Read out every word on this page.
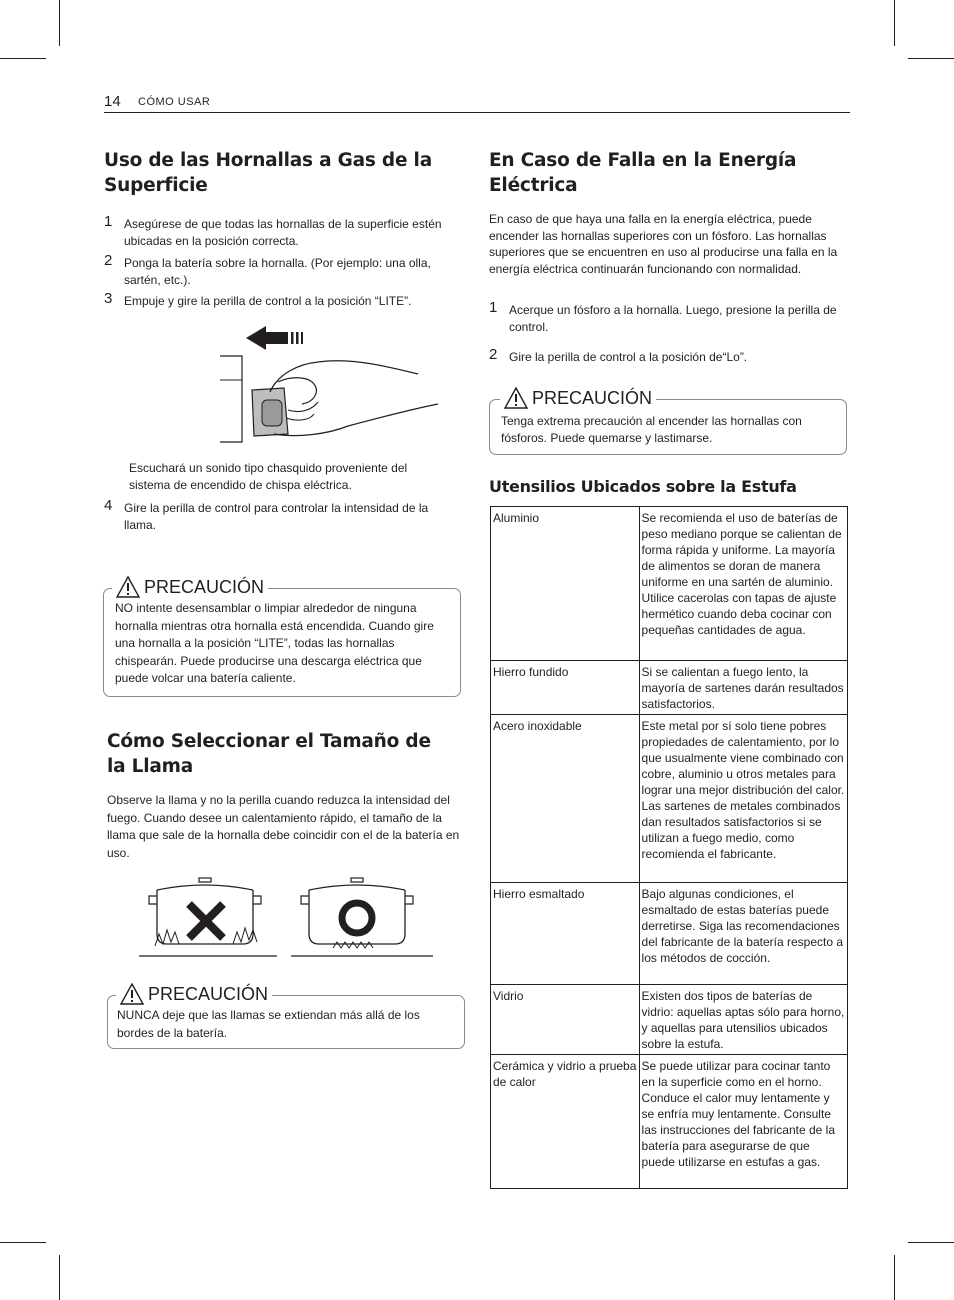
14 CÓMO USAR
Uso de las Hornallas a Gas de la Superficie
1 Asegúrese de que todas las hornallas de la superficie estén ubicadas en la posición correcta.
2 Ponga la batería sobre la hornalla. (Por ejemplo: una olla, sartén, etc.).
3 Empuje y gire la perilla de control a la posición “LITE”.
Escuchará un sonido tipo chasquido proveniente del sistema de encendido de chispa eléctrica.
4 Gire la perilla de control para controlar la intensidad de la llama.
PRECAUCIÓN
NO intente desensamblar o limpiar alrededor de ninguna hornalla mientras otra hornalla está encendida. Cuando gire una hornalla a la posición “LITE”, todas las hornallas chispearán. Puede producirse una descarga eléctrica que puede volcar una batería caliente.
Cómo Seleccionar el Tamaño de la Llama
Observe la llama y no la perilla cuando reduzca la intensidad del fuego. Cuando desee un calentamiento rápido, el tamaño de la llama que sale de la hornalla debe coincidir con el de la batería en uso.
PRECAUCIÓN
NUNCA deje que las llamas se extiendan más allá de los bordes de la batería.
En Caso de Falla en la Energía Eléctrica
En caso de que haya una falla en la energía eléctrica, puede encender las hornallas superiores con un fósforo. Las hornallas superiores que se encuentren en uso al producirse una falla en la energía eléctrica continuarán funcionando con normalidad.
1 Acerque un fósforo a la hornalla. Luego, presione la perilla de control.
2 Gire la perilla de control a la posición de“Lo”.
PRECAUCIÓN
Tenga extrema precaución al encender las hornallas con fósforos. Puede quemarse y lastimarse.
Utensilios Ubicados sobre la Estufa
Aluminio	Se recomienda el uso de baterías de peso mediano porque se calientan de forma rápida y uniforme. La mayoría de alimentos se doran de manera uniforme en una sartén de aluminio. Utilice cacerolas con tapas de ajuste hermético cuando deba cocinar con pequeñas cantidades de agua.
Hierro fundido	Si se calientan a fuego lento, la mayoría de sartenes darán resultados satisfactorios.
Acero inoxidable	Este metal por sí solo tiene pobres propiedades de calentamiento, por lo que usualmente viene combinado con cobre, aluminio u otros metales para lograr una mejor distribución del calor. Las sartenes de metales combinados dan resultados satisfactorios si se utilizan a fuego medio, como recomienda el fabricante.
Hierro esmaltado	Bajo algunas condiciones, el esmaltado de estas baterías puede derretirse. Siga las recomendaciones del fabricante de la batería respecto a los métodos de cocción.
Vidrio	Existen dos tipos de baterías de vidrio: aquellas aptas sólo para horno, y aquellas para utensilios ubicados sobre la estufa.
Cerámica y vidrio a prueba de calor	Se puede utilizar para cocinar tanto en la superficie como en el horno. Conduce el calor muy lentamente y se enfría muy lentamente. Consulte las instrucciones del fabricante de la batería para asegurarse de que puede utilizarse en estufas a gas.
